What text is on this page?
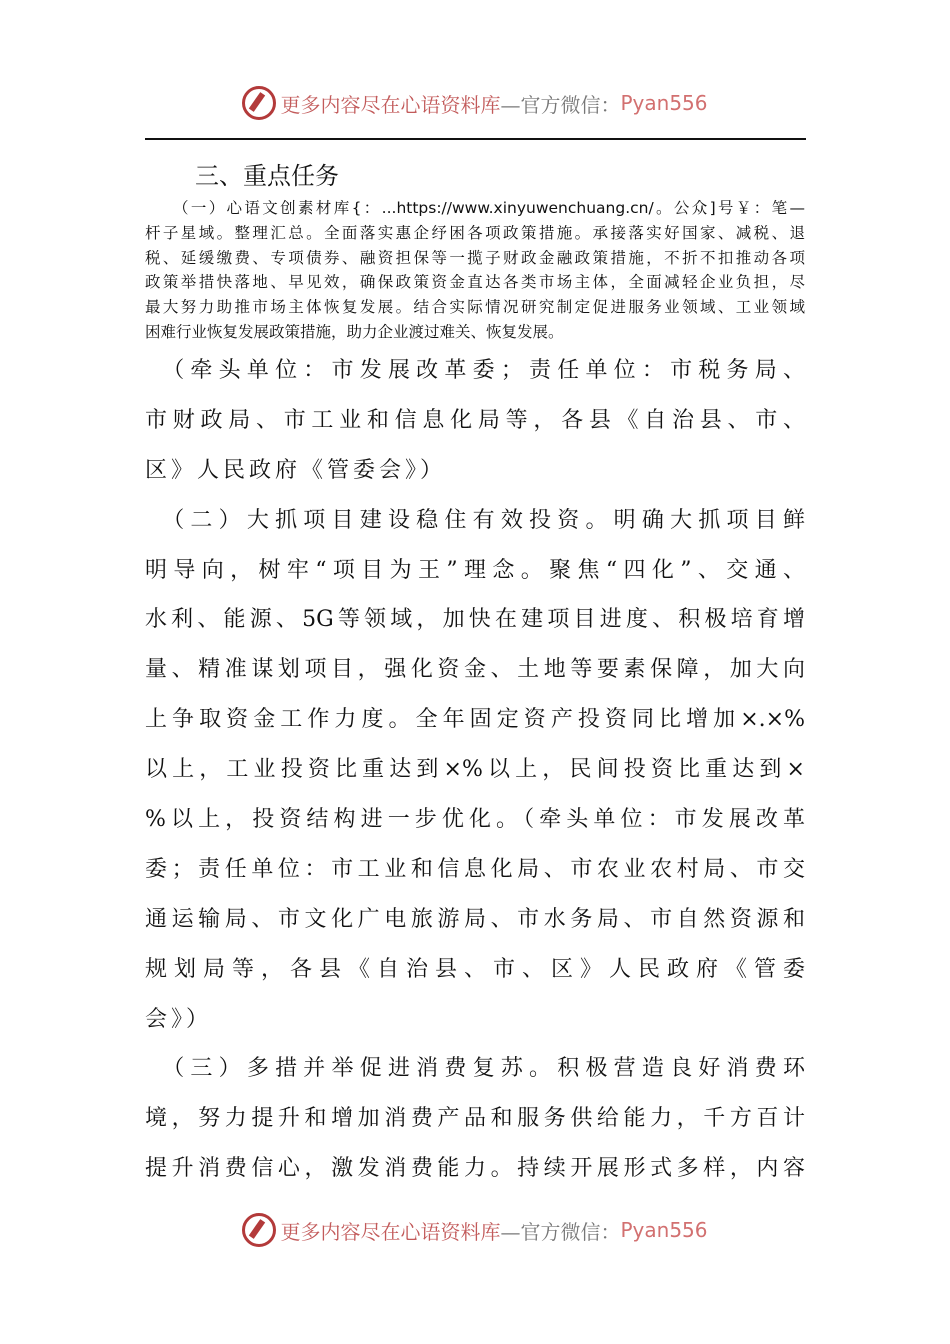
更多内容尽在心语资料库 —官方微信： Pyan556
三、重点任务
　　（一）心语文创素材库{：...https://www.xinyuwenchuang.cn/。公众]号￥：笔—
杆子星域。整理汇总。全面落实惠企纾困各项政策措施。承接落实好国家、减税、退
税、延缓缴费、专项债券、融资担保等一揽子财政金融政策措施，不折不扣推动各项
政策举措快落地、早见效，确保政策资金直达各类市场主体，全面减轻企业负担，尽
最大努力助推市场主体恢复发展。结合实际情况研究制定促进服务业领域、工业领域
困难行业恢复发展政策措施，助力企业渡过难关、恢复发展。
　（牵头单位：市发展改革委；责任单位：市税务局、
市财政局、市工业和信息化局等，各县《自治县、市、
区》人民政府《管委会》）
　（二）大抓项目建设稳住有效投资。明确大抓项目鲜
明导向，树牢“项目为王”理念。聚焦“四化”、交通、
水利、能源、5G等领域，加快在建项目进度、积极培育增
量、精准谋划项目，强化资金、土地等要素保障，加大向
上争取资金工作力度。全年固定资产投资同比增加×.×%
以上，工业投资比重达到×%以上，民间投资比重达到×
%以上，投资结构进一步优化。（牵头单位：市发展改革
委；责任单位：市工业和信息化局、市农业农村局、市交
通运输局、市文化广电旅游局、市水务局、市自然资源和
规划局等，各县《自治县、市、区》人民政府《管委
会》）
　（三）多措并举促进消费复苏。积极营造良好消费环
境，努力提升和增加消费产品和服务供给能力，千方百计
提升消费信心，激发消费能力。持续开展形式多样，内容
更多内容尽在心语资料库 —官方微信： Pyan556
